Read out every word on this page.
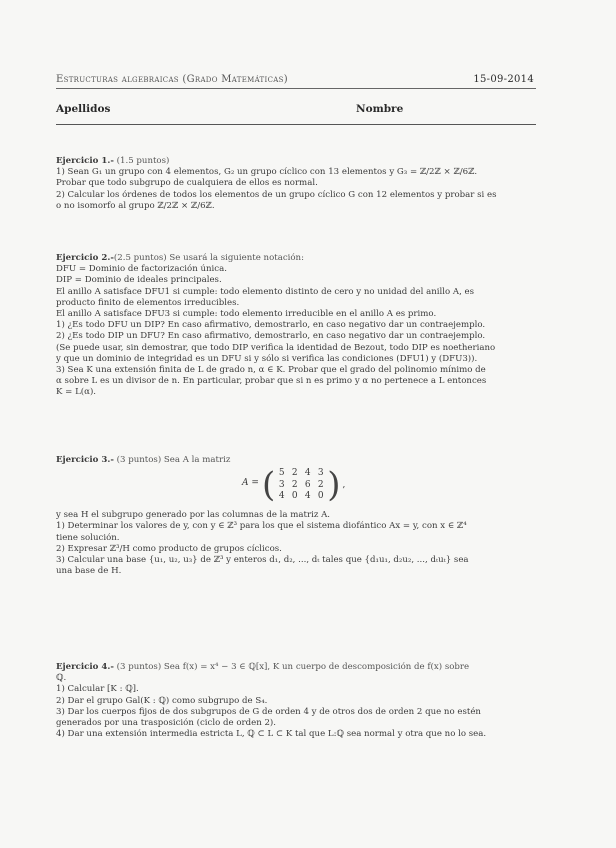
Estructuras algebraicas (Grado Matemáticas)	15-09-2014
Apellidos	Nombre

Ejercicio 1.- (1.5 puntos)

1) Sean G₁ un grupo con 4 elementos, G₂ un grupo cíclico con 13 elementos y G₃ = ℤ/2ℤ × ℤ/6ℤ.

Probar que todo subgrupo de cualquiera de ellos es normal.

2) Calcular los órdenes de todos los elementos de un grupo cíclico G con 12 elementos y probar si es

o no isomorfo al grupo ℤ/2ℤ × ℤ/6ℤ.

Ejercicio 2.-(2.5 puntos) Se usará la siguiente notación:

DFU = Dominio de factorización única.

DIP = Dominio de ideales principales.

El anillo A satisface DFU1 si cumple: todo elemento distinto de cero y no unidad del anillo A, es

producto finito de elementos irreducibles.

El anillo A satisface DFU3 si cumple: todo elemento irreducible en el anillo A es primo.

1) ¿Es todo DFU un DIP? En caso afirmativo, demostrarlo, en caso negativo dar un contraejemplo.

2) ¿Es todo DIP un DFU? En caso afirmativo, demostrarlo, en caso negativo dar un contraejemplo.

(Se puede usar, sin demostrar, que todo DIP verifica la identidad de Bezout, todo DIP es noetheriano

y que un dominio de integridad es un DFU si y sólo si verifica las condiciones (DFU1) y (DFU3)).

3) Sea K una extensión finita de L de grado n, α ∈ K. Probar que el grado del polinomio mínimo de

α sobre L es un divisor de n. En particular, probar que si n es primo y α no pertenece a L entonces

K = L(α).

Ejercicio 3.- (3 puntos) Sea A la matriz

A = ( 5 2 4 3
3 2 6 2
4 0 4 0 ) ,

y sea H el subgrupo generado por las columnas de la matriz A.

1) Determinar los valores de y, con y ∈ ℤ³ para los que el sistema diofántico Ax = y, con x ∈ ℤ⁴

tiene solución.

2) Expresar ℤ³/H como producto de grupos cíclicos.

3) Calcular una base {u₁, u₂, u₃} de ℤ³ y enteros d₁, d₂, ..., dₜ tales que {d₁u₁, d₂u₂, ..., dₜuₜ} sea

una base de H.

Ejercicio 4.- (3 puntos) Sea f(x) = x⁴ − 3 ∈ ℚ[x], K un cuerpo de descomposición de f(x) sobre

ℚ.

1) Calcular [K : ℚ].

2) Dar el grupo Gal(K : ℚ) como subgrupo de S₄.

3) Dar los cuerpos fijos de dos subgrupos de G de orden 4 y de otros dos de orden 2 que no estén

generados por una trasposición (ciclo de orden 2).

4) Dar una extensión intermedia estricta L, ℚ ⊂ L ⊂ K tal que L:ℚ sea normal y otra que no lo sea.
